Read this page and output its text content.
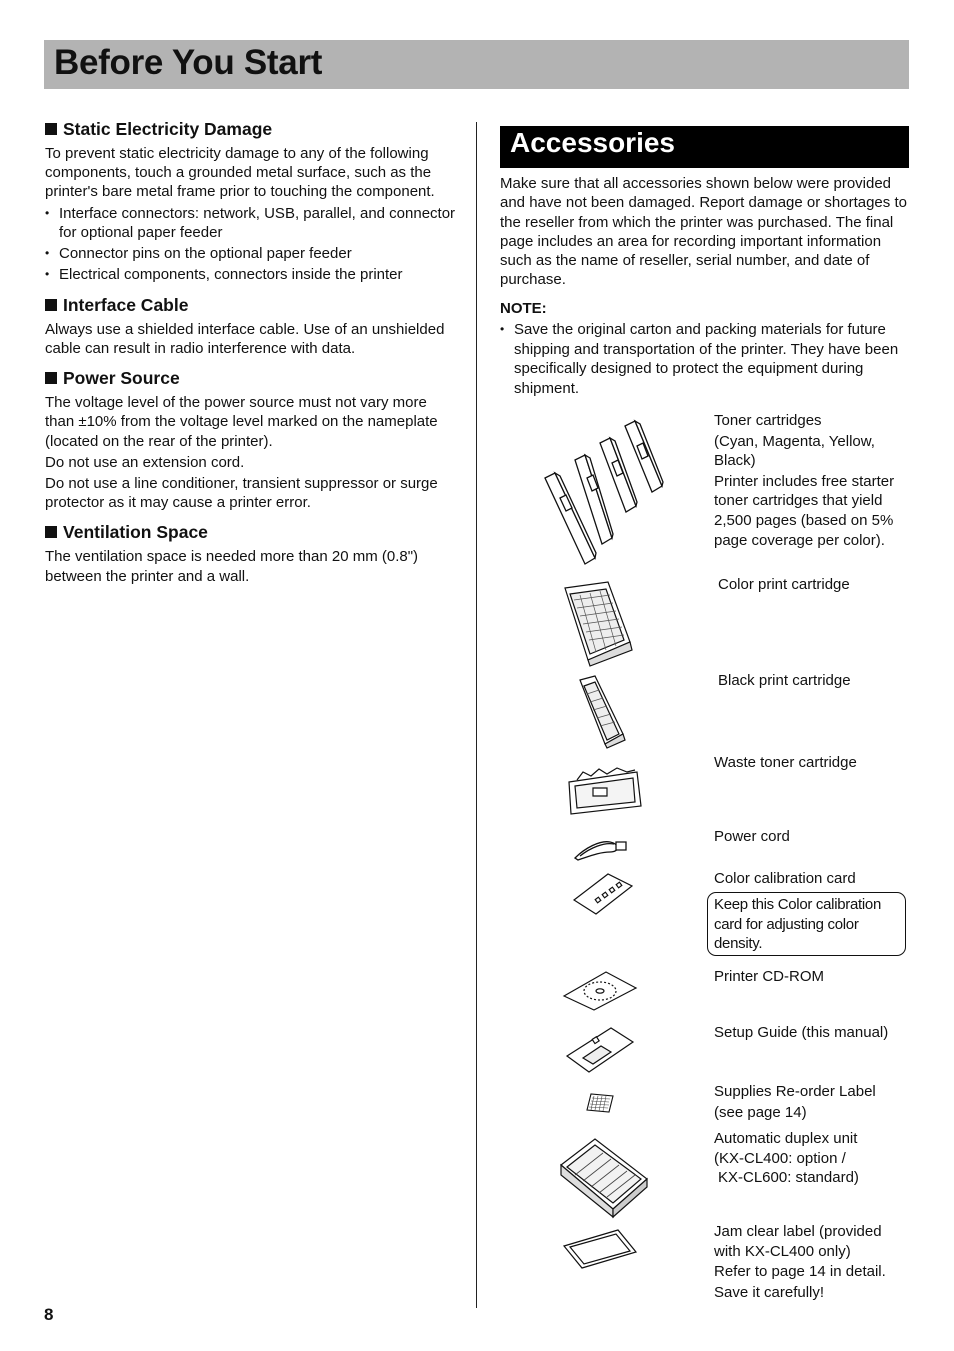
Before You Start
Static Electricity Damage

To prevent static electricity damage to any of the following components, touch a grounded metal surface, such as the printer's bare metal frame prior to touching the component.

• Interface connectors: network, USB, parallel, and connector for optional paper feeder
• Connector pins on the optional paper feeder
• Electrical components, connectors inside the printer
Interface Cable

Always use a shielded interface cable. Use of an unshielded cable can result in radio interference with data.

Power Source

The voltage level of the power source must not vary more than ±10% from the voltage level marked on the nameplate (located on the rear of the printer).

Do not use an extension cord.

Do not use a line conditioner, transient suppressor or surge protector as it may cause a printer error.

Ventilation Space

The ventilation space is needed more than 20 mm (0.8") between the printer and a wall.

Accessories

Make sure that all accessories shown below were provided and have not been damaged. Report damage or shortages to the reseller from which the printer was purchased. The final page includes an area for recording important information such as the name of reseller, serial number, and date of purchase.

NOTE:
• Save the original carton and packing materials for future shipping and transportation of the printer. They have been specifically designed to protect the equipment during shipment.
Toner cartridges
(Cyan, Magenta, Yellow, Black)
Printer includes free starter toner cartridges that yield 2,500 pages (based on 5% page coverage per color).
Color print cartridge
Black print cartridge
Waste toner cartridge
Power cord
Color calibration card
Keep this Color calibration card for adjusting color density.
Printer CD-ROM
Setup Guide (this manual)
Supplies Re-order Label
(see page 14)
Automatic duplex unit
(KX-CL400: option /
KX-CL600: standard)
Jam clear label (provided with KX-CL400 only)
Refer to page 14 in detail.
Save it carefully!
8
